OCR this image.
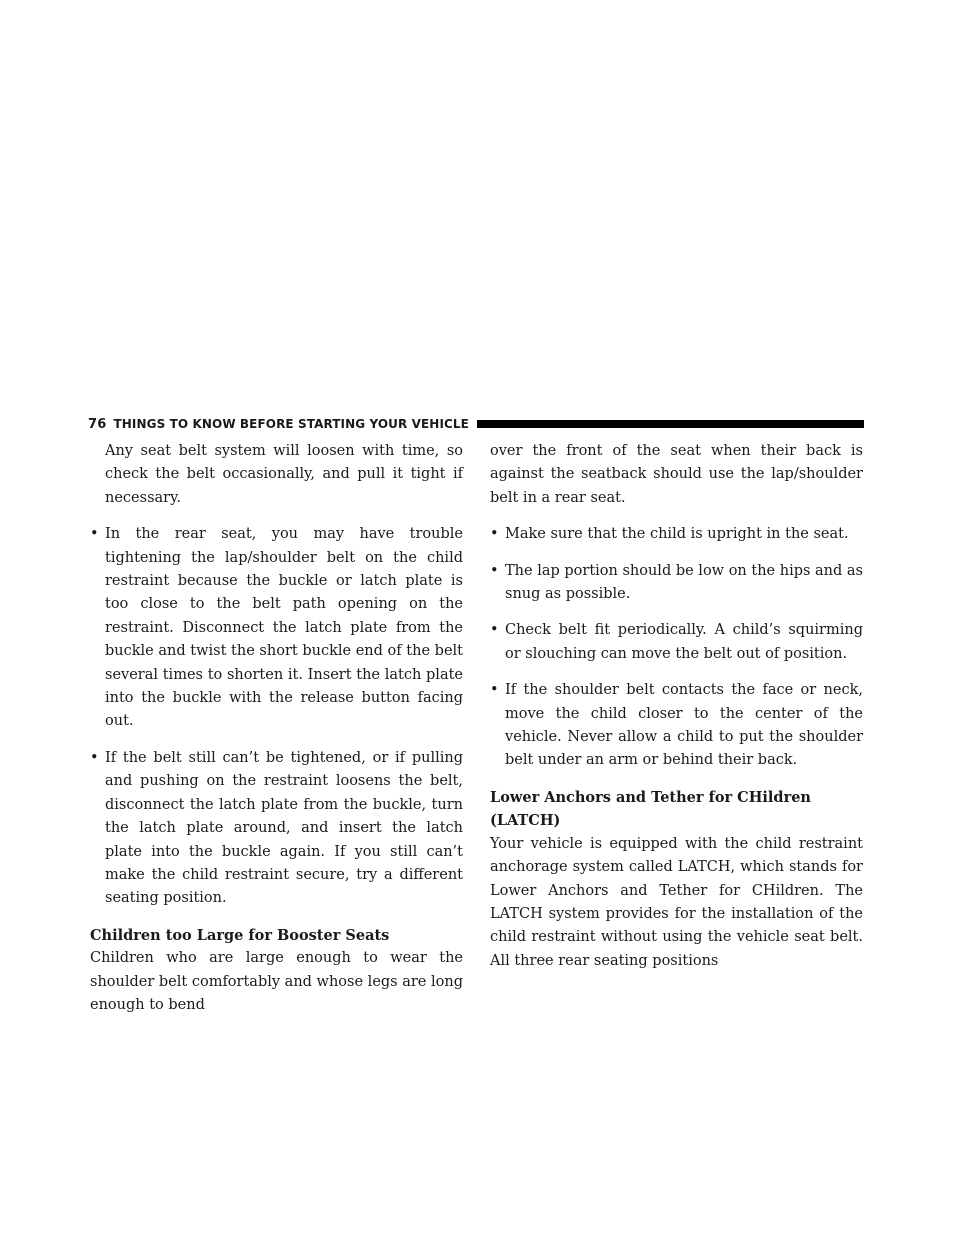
76 THINGS TO KNOW BEFORE STARTING YOUR VEHICLE

Any seat belt system will loosen with time, so check the belt occasionally, and pull it tight if necessary.

• In the rear seat, you may have trouble tightening the lap/shoulder belt on the child restraint because the buckle or latch plate is too close to the belt path opening on the restraint. Disconnect the latch plate from the buckle and twist the short buckle end of the belt several times to shorten it. Insert the latch plate into the buckle with the release button facing out.
• If the belt still can’t be tightened, or if pulling and pushing on the restraint loosens the belt, disconnect the latch plate from the buckle, turn the latch plate around, and insert the latch plate into the buckle again. If you still can’t make the child restraint secure, try a different seating position.

Children too Large for Booster Seats

Children who are large enough to wear the shoulder belt comfortably and whose legs are long enough to bend

over the front of the seat when their back is against the seatback should use the lap/shoulder belt in a rear seat.

• Make sure that the child is upright in the seat.
• The lap portion should be low on the hips and as snug as possible.
• Check belt fit periodically. A child’s squirming or slouching can move the belt out of position.
• If the shoulder belt contacts the face or neck, move the child closer to the center of the vehicle. Never allow a child to put the shoulder belt under an arm or behind their back.

Lower Anchors and Tether for CHildren (LATCH)

Your vehicle is equipped with the child restraint anchorage system called LATCH, which stands for Lower Anchors and Tether for CHildren. The LATCH system provides for the installation of the child restraint without using the vehicle seat belt. All three rear seating positions
